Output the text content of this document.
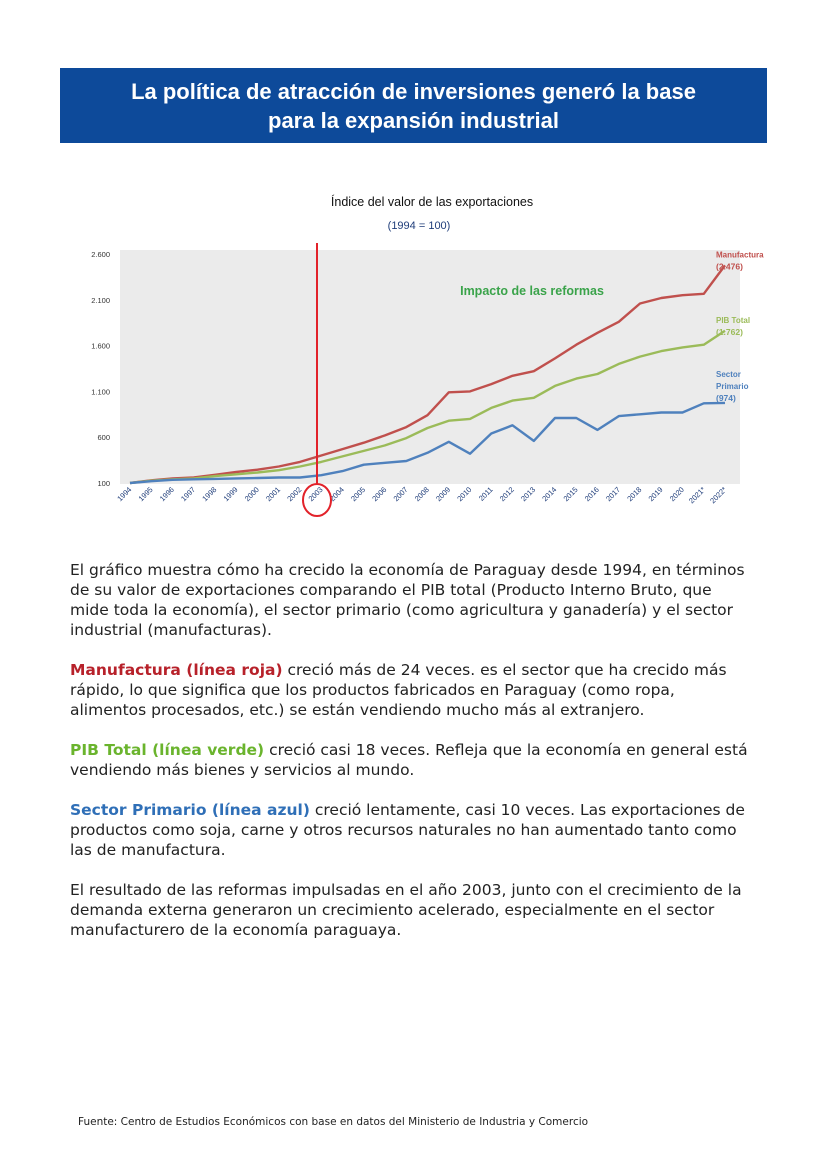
La política de atracción de inversiones generó la base
para la expansión industrial
Índice del valor de las exportaciones
(1994 = 100)
100
600
1.100
1.600
2.100
2.600
1994 1995 1996 1997 1998 1999 2000 2001 2002 2003 2004 2005 2006 2007 2008 2009 2010 2011 2012 2013 2014 2015 2016 2017 2018 2019 2020 2021* 2022*
Manufactura
(2.476)
PIB Total
(1.762)
Sector
Primario
(974)
Impacto de las reformas

El gráfico muestra cómo ha crecido la economía de Paraguay desde 1994, en términos de su valor de exportaciones comparando el PIB total (Producto Interno Bruto, que mide toda la economía), el sector primario (como agricultura y ganadería) y el sector industrial (manufacturas).

Manufactura (línea roja) creció más de 24 veces. es el sector que ha crecido más rápido, lo que significa que los productos fabricados en Paraguay (como ropa, alimentos procesados, etc.) se están vendiendo mucho más al extranjero.

PIB Total (línea verde) creció casi 18 veces. Refleja que la economía en general está vendiendo más bienes y servicios al mundo.

Sector Primario (línea azul) creció lentamente, casi 10 veces. Las exportaciones de productos como soja, carne y otros recursos naturales no han aumentado tanto como las de manufactura.

El resultado de las reformas impulsadas en el año 2003, junto con el crecimiento de la demanda externa generaron un crecimiento acelerado, especialmente en el sector manufacturero de la economía paraguaya.

Fuente: Centro de Estudios Económicos con base en datos del Ministerio de Industria y Comercio
